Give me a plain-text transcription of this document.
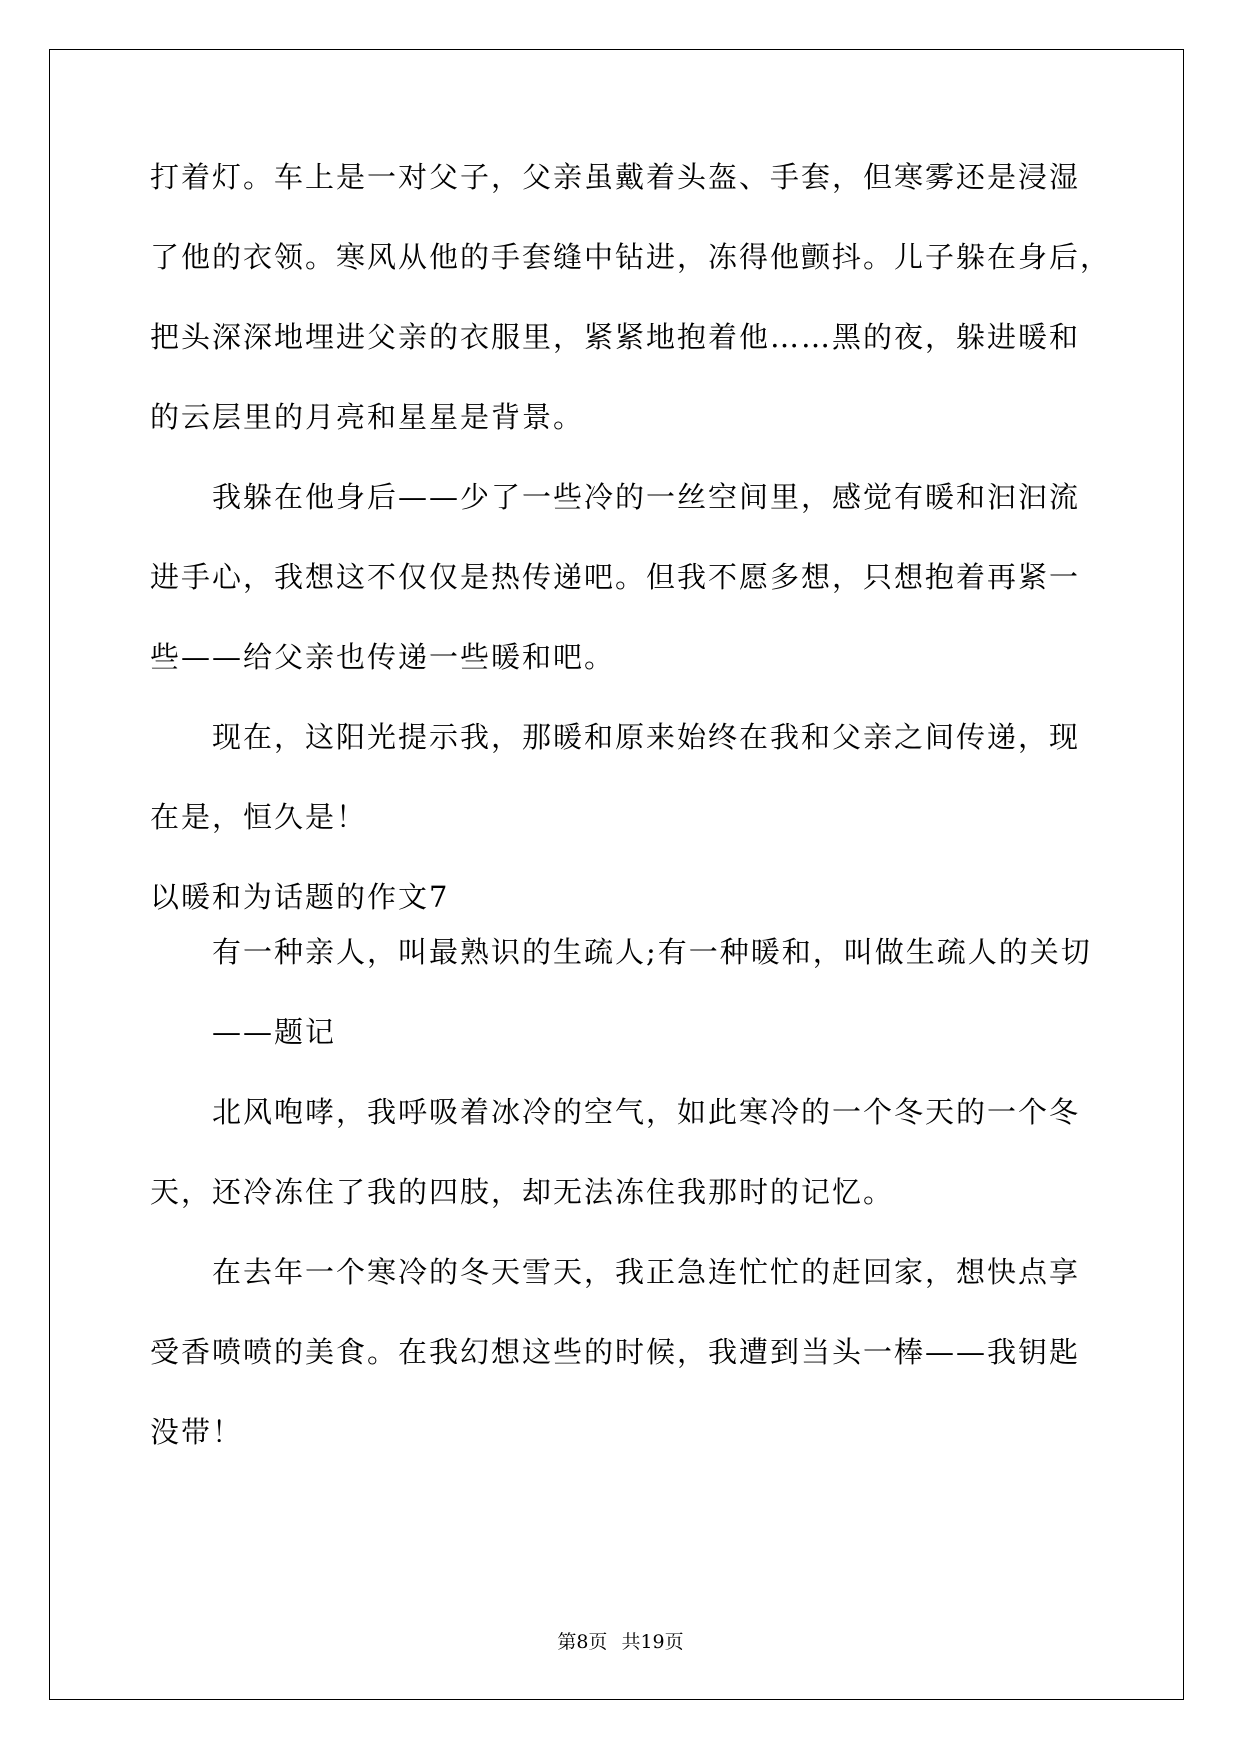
打着灯。车上是一对父子，父亲虽戴着头盔、手套，但寒雾还是浸湿
了他的衣领。寒风从他的手套缝中钻进，冻得他颤抖。儿子躲在身后，
把头深深地埋进父亲的衣服里，紧紧地抱着他……黑的夜，躲进暖和
的云层里的月亮和星星是背景。
我躲在他身后——少了一些冷的一丝空间里，感觉有暖和汩汩流
进手心，我想这不仅仅是热传递吧。但我不愿多想，只想抱着再紧一
些——给父亲也传递一些暖和吧。
现在，这阳光提示我，那暖和原来始终在我和父亲之间传递，现
在是，恒久是！
以暖和为话题的作文7
有一种亲人，叫最熟识的生疏人;有一种暖和，叫做生疏人的关切
——题记
北风咆哮，我呼吸着冰冷的空气，如此寒冷的一个冬天的一个冬
天，还冷冻住了我的四肢，却无法冻住我那时的记忆。
在去年一个寒冷的冬天雪天，我正急连忙忙的赶回家，想快点享
受香喷喷的美食。在我幻想这些的时候，我遭到当头一棒——我钥匙
没带！
第8页 共19页
